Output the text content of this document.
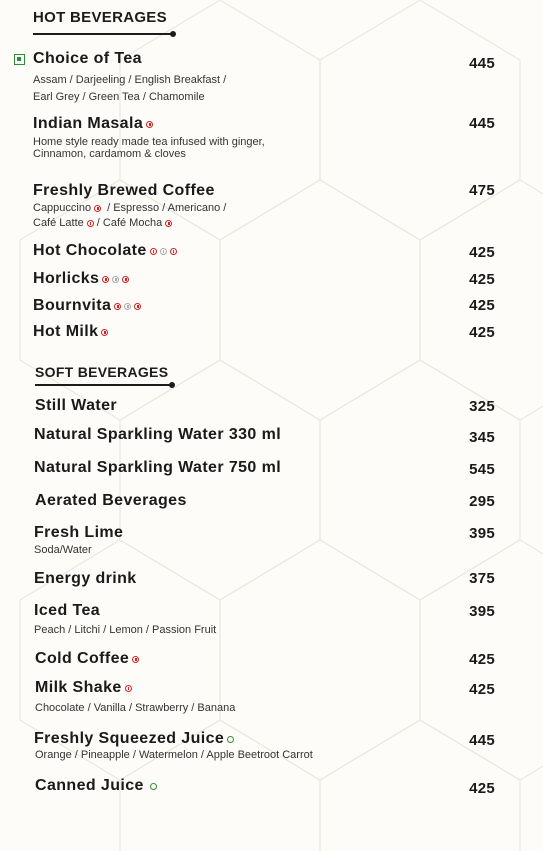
HOT BEVERAGES
Choice of Tea	445
Assam / Darjeeling / English Breakfast /
Earl Grey / Green Tea / Chamomile
Indian Masala	445
Home style ready made tea infused with ginger,
Cinnamon, cardamom & cloves
Freshly Brewed Coffee	475
Cappuccino / Espresso / Americano /
Café Latte / Café Mocha
Hot Chocolate	425
Horlicks	425
Bournvita	425
Hot Milk	425
SOFT BEVERAGES
Still Water	325
Natural Sparkling Water 330 ml	345
Natural Sparkling Water 750 ml	545
Aerated Beverages	295
Fresh Lime	395
Soda/Water
Energy drink	375
Iced Tea	395
Peach / Litchi / Lemon / Passion Fruit
Cold Coffee	425
Milk Shake	425
Chocolate / Vanilla / Strawberry / Banana
Freshly Squeezed Juice	445
Orange / Pineapple / Watermelon / Apple Beetroot Carrot
Canned Juice	425
